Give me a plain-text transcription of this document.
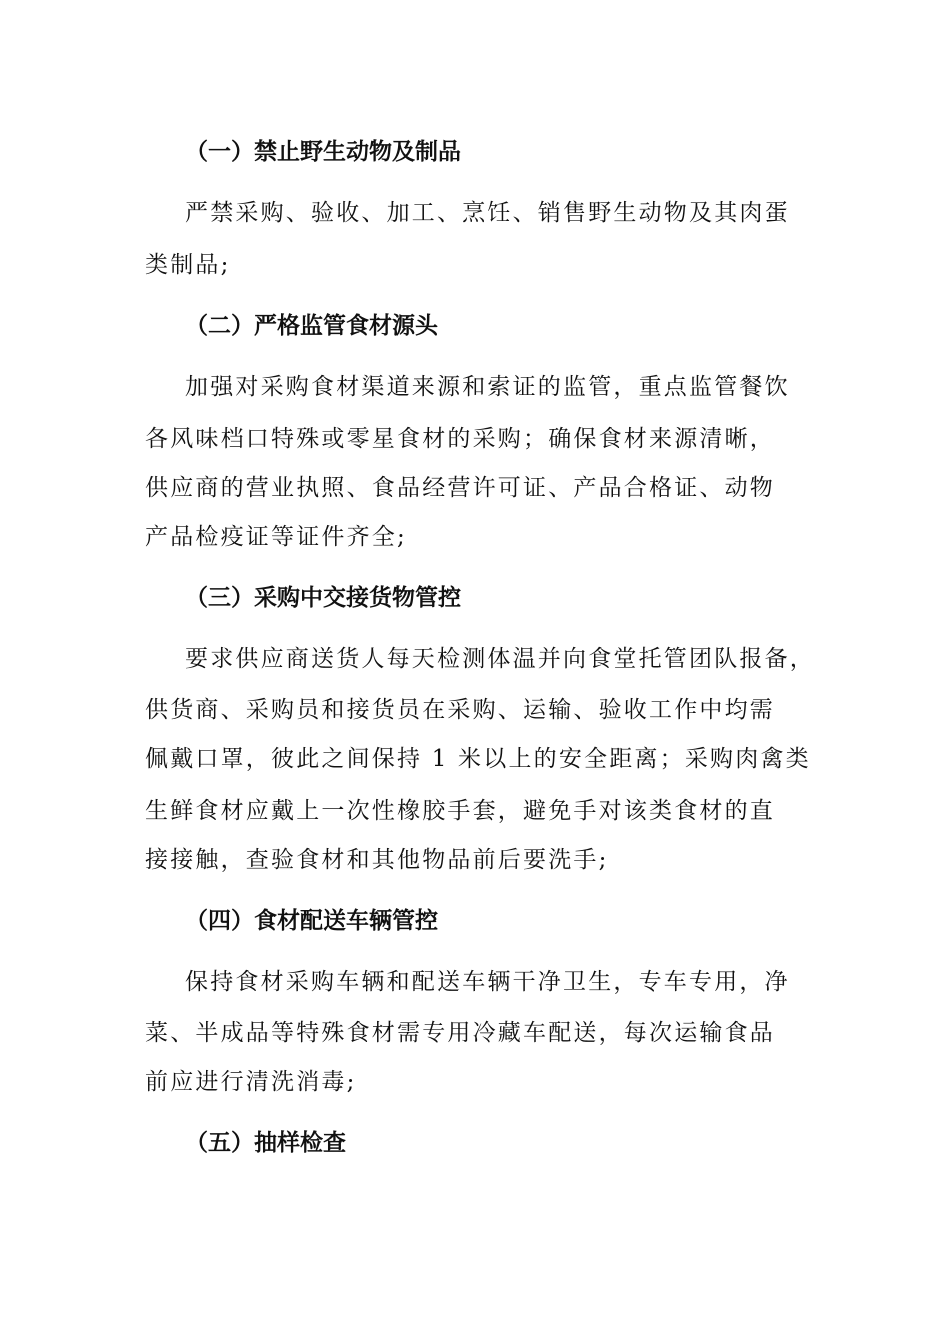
（一）禁止野生动物及制品

严禁采购、验收、加工、烹饪、销售野生动物及其肉蛋

类制品;

（二）严格监管食材源头

加强对采购食材渠道来源和索证的监管，重点监管餐饮

各风味档口特殊或零星食材的采购；确保食材来源清晰，

供应商的营业执照、食品经营许可证、产品合格证、动物

产品检疫证等证件齐全;

（三）采购中交接货物管控

要求供应商送货人每天检测体温并向食堂托管团队报备，

供货商、采购员和接货员在采购、运输、验收工作中均需

佩戴口罩，彼此之间保持 1 米以上的安全距离；采购肉禽类

生鲜食材应戴上一次性橡胶手套，避免手对该类食材的直

接接触，查验食材和其他物品前后要洗手;

（四）食材配送车辆管控

保持食材采购车辆和配送车辆干净卫生，专车专用，净

菜、半成品等特殊食材需专用冷藏车配送，每次运输食品

前应进行清洗消毒;

（五）抽样检查
